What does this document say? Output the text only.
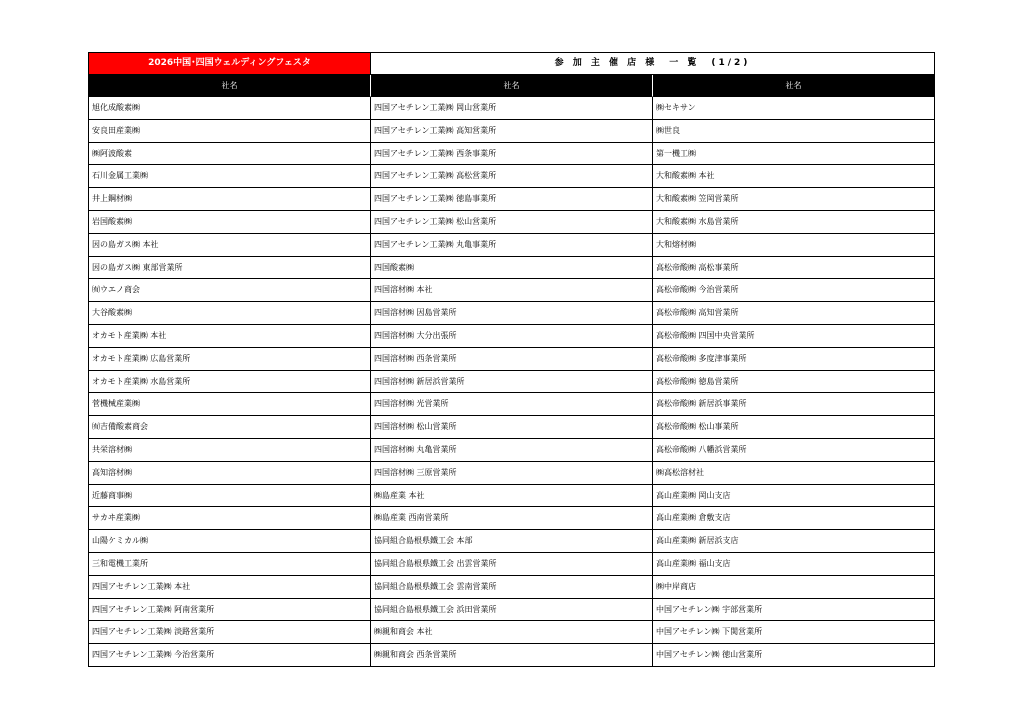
2026中国･四国ウェルディングフェスタ	参 加 主 催 店 様　一 覧　(1/2)
社名	社名	社名
旭化成酸素㈱	四国アセチレン工業㈱ 岡山営業所	㈱セキサン
安良田産業㈱	四国アセチレン工業㈱ 高知営業所	㈱世良
㈱阿波酸素	四国アセチレン工業㈱ 西条事業所	第一機工㈱
石川金属工業㈱	四国アセチレン工業㈱ 高松営業所	大和酸素㈱ 本社
井上鋼材㈱	四国アセチレン工業㈱ 徳島事業所	大和酸素㈱ 笠岡営業所
岩国酸素㈱	四国アセチレン工業㈱ 松山営業所	大和酸素㈱ 水島営業所
因の島ガス㈱ 本社	四国アセチレン工業㈱ 丸亀事業所	大和熔材㈱
因の島ガス㈱ 東部営業所	四国酸素㈱	高松帝酸㈱ 高松事業所
㈲ウエノ商会	四国溶材㈱ 本社	高松帝酸㈱ 今治営業所
大谷酸素㈱	四国溶材㈱ 因島営業所	高松帝酸㈱ 高知営業所
オカモト産業㈱ 本社	四国溶材㈱ 大分出張所	高松帝酸㈱ 四国中央営業所
オカモト産業㈱ 広島営業所	四国溶材㈱ 西条営業所	高松帝酸㈱ 多度津事業所
オカモト産業㈱ 水島営業所	四国溶材㈱ 新居浜営業所	高松帝酸㈱ 徳島営業所
菅機械産業㈱	四国溶材㈱ 光営業所	高松帝酸㈱ 新居浜事業所
㈲吉備酸素商会	四国溶材㈱ 松山営業所	高松帝酸㈱ 松山事業所
共栄溶材㈱	四国溶材㈱ 丸亀営業所	高松帝酸㈱ 八幡浜営業所
高知溶材㈱	四国溶材㈱ 三原営業所	㈱高松溶材社
近藤商事㈱	㈱島産業 本社	高山産業㈱ 岡山支店
サカヰ産業㈱	㈱島産業 西南営業所	高山産業㈱ 倉敷支店
山陽ケミカル㈱	協同組合島根県鐵工会 本部	高山産業㈱ 新居浜支店
三和電機工業所	協同組合島根県鐵工会 出雲営業所	高山産業㈱ 福山支店
四国アセチレン工業㈱ 本社	協同組合島根県鐵工会 雲南営業所	㈱中岸商店
四国アセチレン工業㈱ 阿南営業所	協同組合島根県鐵工会 浜田営業所	中国アセチレン㈱ 宇部営業所
四国アセチレン工業㈱ 淡路営業所	㈱親和商会 本社	中国アセチレン㈱ 下関営業所
四国アセチレン工業㈱ 今治営業所	㈱親和商会 西条営業所	中国アセチレン㈱ 徳山営業所
